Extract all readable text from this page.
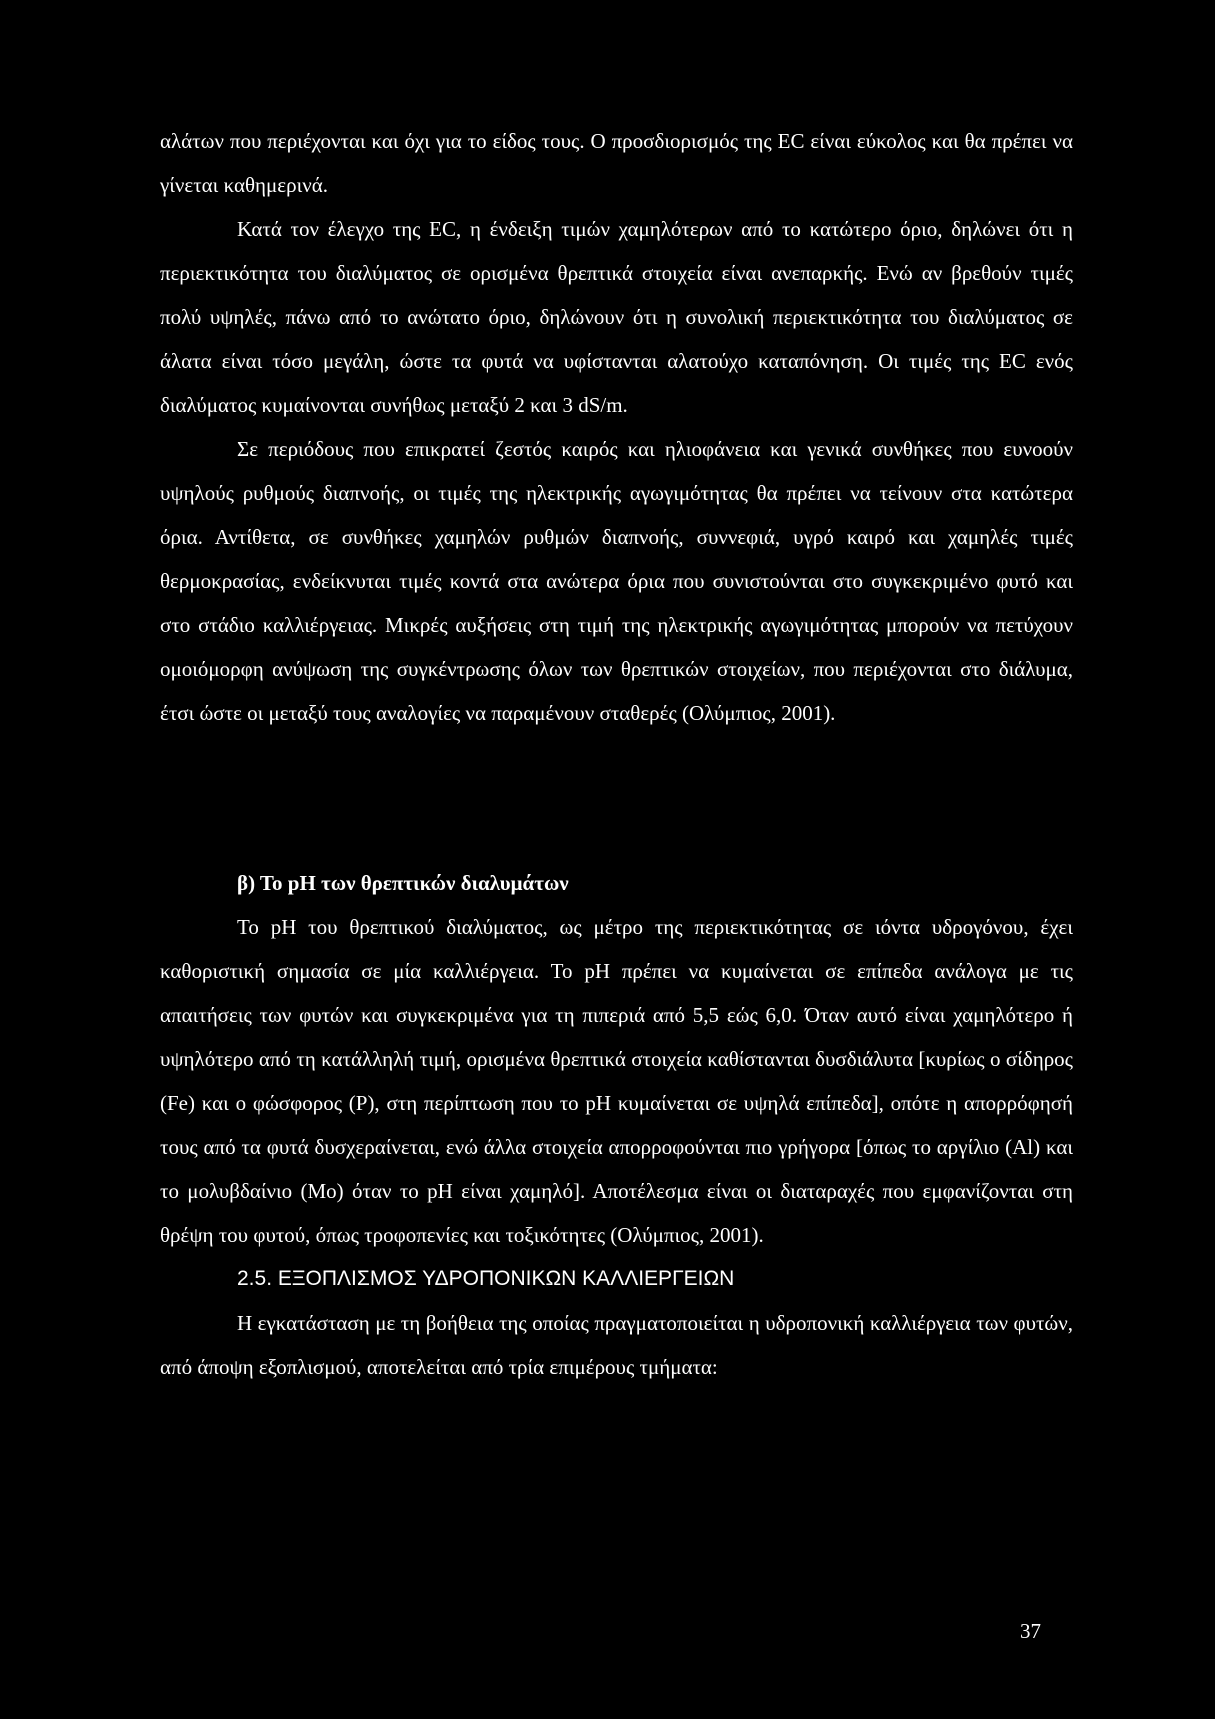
αλάτων που περιέχονται και όχι για το είδος τους. Ο προσδιορισμός της EC είναι εύκολος και θα πρέπει να γίνεται καθημερινά.

Κατά τον έλεγχο της EC, η ένδειξη τιμών χαμηλότερων από το κατώτερο όριο, δηλώνει ότι η περιεκτικότητα του διαλύματος σε ορισμένα θρεπτικά στοιχεία είναι ανεπαρκής. Ενώ αν βρεθούν τιμές πολύ υψηλές, πάνω από το ανώτατο όριο, δηλώνουν ότι η συνολική περιεκτικότητα του διαλύματος σε άλατα είναι τόσο μεγάλη, ώστε τα φυτά να υφίστανται αλατούχο καταπόνηση. Οι τιμές της EC ενός διαλύματος κυμαίνονται συνήθως μεταξύ 2 και 3 dS/m.

Σε περιόδους που επικρατεί ζεστός καιρός και ηλιοφάνεια και γενικά συνθήκες που ευνοούν υψηλούς ρυθμούς διαπνοής, οι τιμές της ηλεκτρικής αγωγιμότητας θα πρέπει να τείνουν στα κατώτερα όρια. Αντίθετα, σε συνθήκες χαμηλών ρυθμών διαπνοής, συννεφιά, υγρό καιρό και χαμηλές τιμές θερμοκρασίας, ενδείκνυται τιμές κοντά στα ανώτερα όρια που συνιστούνται στο συγκεκριμένο φυτό και στο στάδιο καλλιέργειας. Μικρές αυξήσεις στη τιμή της ηλεκτρικής αγωγιμότητας μπορούν να πετύχουν ομοιόμορφη ανύψωση της συγκέντρωσης όλων των θρεπτικών στοιχείων, που περιέχονται στο διάλυμα, έτσι ώστε οι μεταξύ τους αναλογίες να παραμένουν σταθερές (Ολύμπιος, 2001).

β) Το pH των θρεπτικών διαλυμάτων

Το pH του θρεπτικού διαλύματος, ως μέτρο της περιεκτικότητας σε ιόντα υδρογόνου, έχει καθοριστική σημασία σε μία καλλιέργεια. Το pH πρέπει να κυμαίνεται σε επίπεδα ανάλογα με τις απαιτήσεις των φυτών και συγκεκριμένα για τη πιπεριά από 5,5 εώς 6,0. Όταν αυτό είναι χαμηλότερο ή υψηλότερο από τη κατάλληλή τιμή, ορισμένα θρεπτικά στοιχεία καθίστανται δυσδιάλυτα [κυρίως ο σίδηρος (Fe) και ο φώσφορος (P), στη περίπτωση που το pH κυμαίνεται σε υψηλά επίπεδα], οπότε η απορρόφησή τους από τα φυτά δυσχεραίνεται, ενώ άλλα στοιχεία απορροφούνται πιο γρήγορα [όπως το αργίλιο (Al) και το μολυβδαίνιο (Mo) όταν το pH είναι χαμηλό]. Αποτέλεσμα είναι οι διαταραχές που εμφανίζονται στη θρέψη του φυτού, όπως τροφοπενίες και τοξικότητες (Ολύμπιος, 2001).

2.5. ΕΞΟΠΛΙΣΜΟΣ ΥΔΡΟΠΟΝΙΚΩΝ ΚΑΛΛΙΕΡΓΕΙΩΝ

Η εγκατάσταση με τη βοήθεια της οποίας πραγματοποιείται η υδροπονική καλλιέργεια των φυτών, από άποψη εξοπλισμού, αποτελείται από τρία επιμέρους τμήματα:

37
